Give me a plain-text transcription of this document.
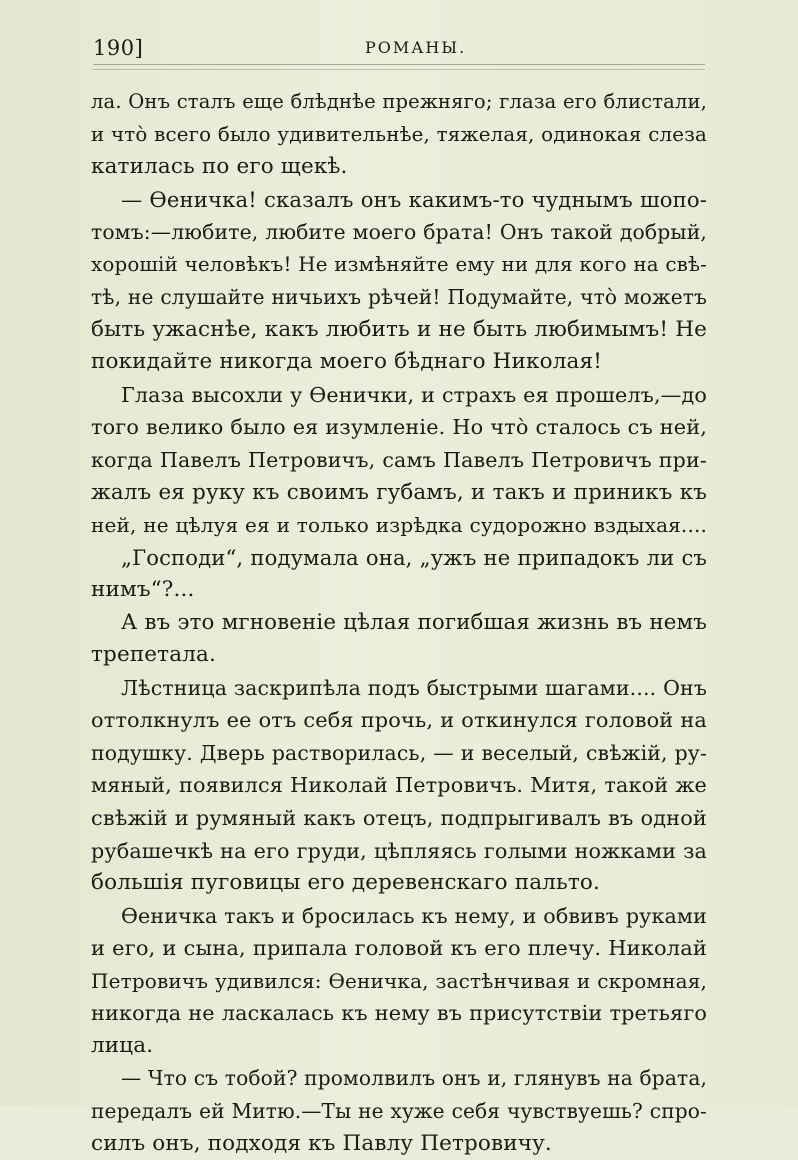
190]	РОМАНЫ.
ла. Онъ сталъ еще блѣднѣе прежняго; глаза его блистали,
и что̀ всего было удивительнѣе, тяжелая, одинокая слеза
катилась по его щекѣ.
— Ѳеничка! сказалъ онъ какимъ-то чуднымъ шопо-
томъ:—любите, любите моего брата! Онъ такой добрый,
хорошій человѣкъ! Не измѣняйте ему ни для кого на свѣ-
тѣ, не слушайте ничьихъ рѣчей! Подумайте, что̀ можетъ
быть ужаснѣе, какъ любить и не быть любимымъ! Не
покидайте никогда моего бѣднаго Николая!
Глаза высохли у Ѳенички, и страхъ ея прошелъ,—до
того велико было ея изумленіе. Но что̀ сталось съ ней,
когда Павелъ Петровичъ, самъ Павелъ Петровичъ при-
жалъ ея руку къ своимъ губамъ, и такъ и приникъ къ
ней, не цѣлуя ея и только изрѣдка судорожно вздыхая....
„Господи“, подумала она, „ужъ не припадокъ ли съ
нимъ“?...
А въ это мгновеніе цѣлая погибшая жизнь въ немъ
трепетала.
Лѣстница заскрипѣла подъ быстрыми шагами.... Онъ
оттолкнулъ ее отъ себя прочь, и откинулся головой на
подушку. Дверь растворилась, — и веселый, свѣжій, ру-
мяный, появился Николай Петровичъ. Митя, такой же
свѣжій и румяный какъ отецъ, подпрыгивалъ въ одной
рубашечкѣ на его груди, цѣпляясь голыми ножками за
большія пуговицы его деревенскаго пальто.
Ѳеничка такъ и бросилась къ нему, и обвивъ руками
и его, и сына, припала головой къ его плечу. Николай
Петровичъ удивился: Ѳеничка, застѣнчивая и скромная,
никогда не ласкалась къ нему въ присутствіи третьяго
лица.
— Что съ тобой? промолвилъ онъ и, глянувъ на брата,
передалъ ей Митю.—Ты не хуже себя чувствуешь? спро-
силъ онъ, подходя къ Павлу Петровичу.
